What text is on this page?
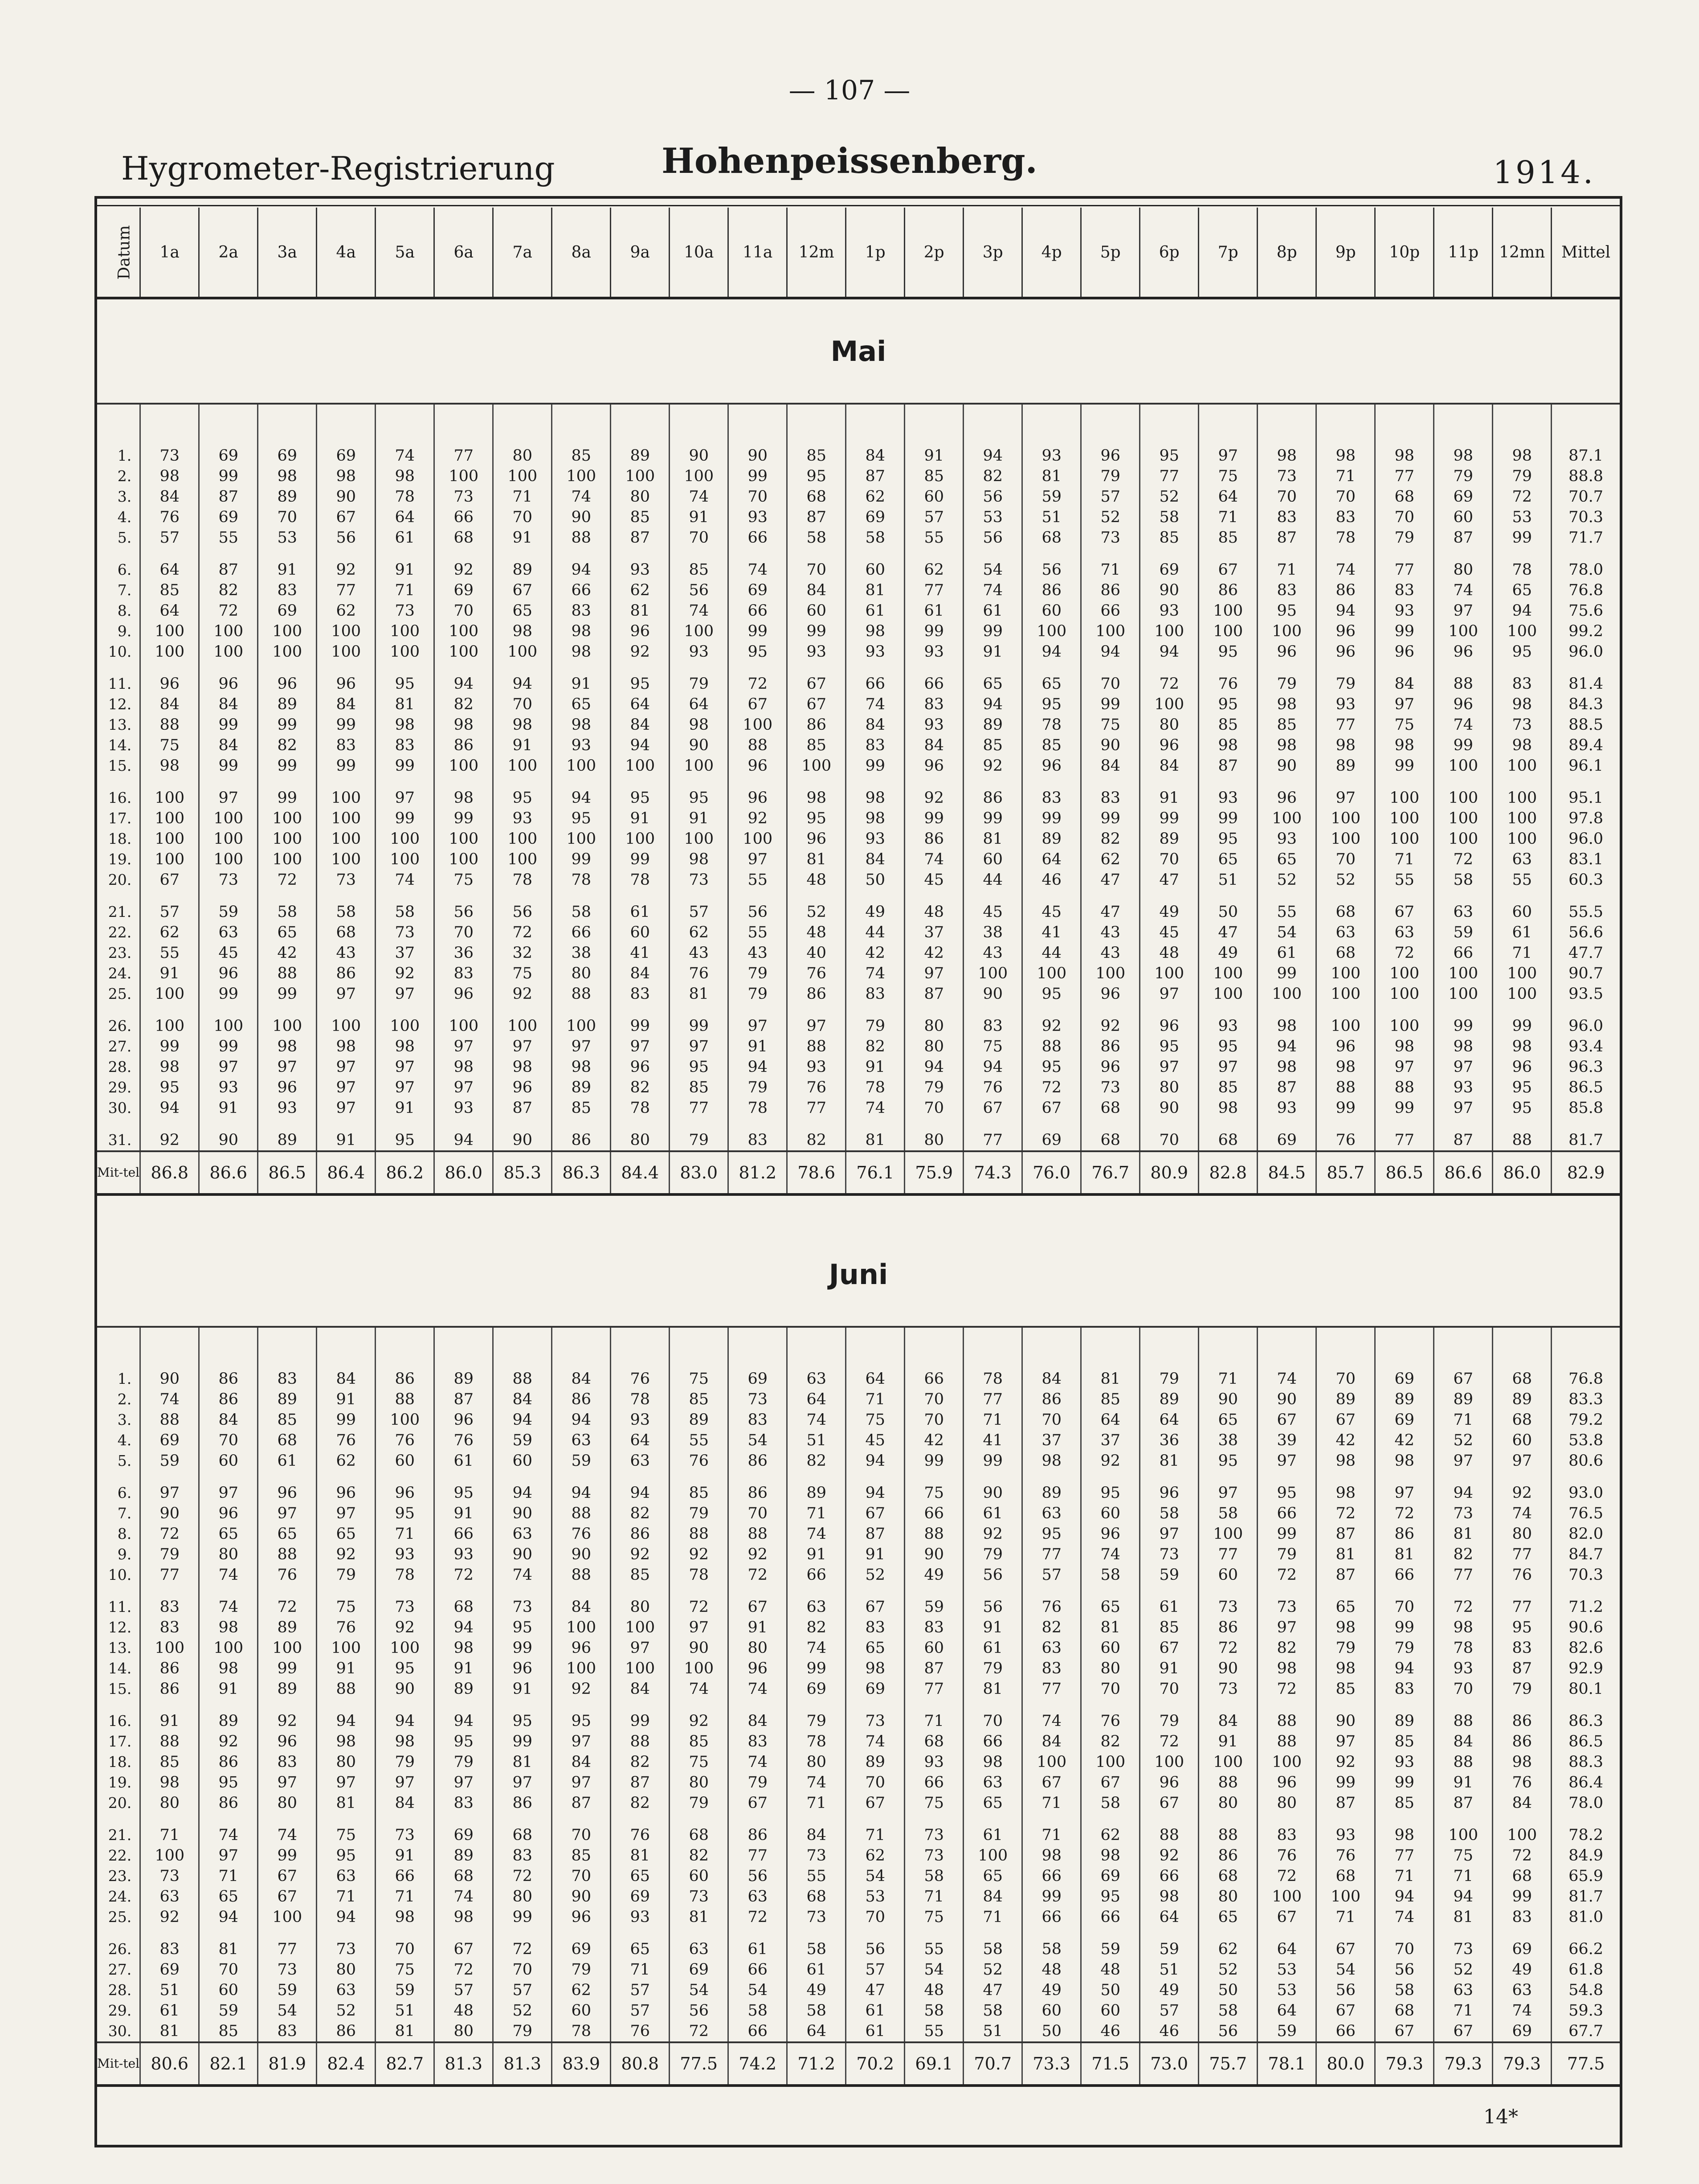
— 107 —
Hygrometer-Registrierung	Hohenpeissenberg.	1914.
Datum	1a	2a	3a	4a	5a	6a	7a	8a	9a	10a	11a	12m	1p	2p	3p	4p	5p	6p	7p	8p	9p	10p	11p	12mn	Mittel
Mai																									

1.	73	69	69	69	74	77	80	85	89	90	90	85	84	91	94	93	96	95	97	98	98	98	98	98	87.1
2.	98	99	98	98	98	100	100	100	100	100	99	95	87	85	82	81	79	77	75	73	71	77	79	79	88.8
3.	84	87	89	90	78	73	71	74	80	74	70	68	62	60	56	59	57	52	64	70	70	68	69	72	70.7
4.	76	69	70	67	64	66	70	90	85	91	93	87	69	57	53	51	52	58	71	83	83	70	60	53	70.3
5.	57	55	53	56	61	68	91	88	87	70	66	58	58	55	56	68	73	85	85	87	78	79	87	99	71.7
6.	64	87	91	92	91	92	89	94	93	85	74	70	60	62	54	56	71	69	67	71	74	77	80	78	78.0
7.	85	82	83	77	71	69	67	66	62	56	69	84	81	77	74	86	86	90	86	83	86	83	74	65	76.8
8.	64	72	69	62	73	70	65	83	81	74	66	60	61	61	61	60	66	93	100	95	94	93	97	94	75.6
9.	100	100	100	100	100	100	98	98	96	100	99	99	98	99	99	100	100	100	100	100	96	99	100	100	99.2
10.	100	100	100	100	100	100	100	98	92	93	95	93	93	93	91	94	94	94	95	96	96	96	96	95	96.0
11.	96	96	96	96	95	94	94	91	95	79	72	67	66	66	65	65	70	72	76	79	79	84	88	83	81.4
12.	84	84	89	84	81	82	70	65	64	64	67	67	74	83	94	95	99	100	95	98	93	97	96	98	84.3
13.	88	99	99	99	98	98	98	98	84	98	100	86	84	93	89	78	75	80	85	85	77	75	74	73	88.5
14.	75	84	82	83	83	86	91	93	94	90	88	85	83	84	85	85	90	96	98	98	98	98	99	98	89.4
15.	98	99	99	99	99	100	100	100	100	100	96	100	99	96	92	96	84	84	87	90	89	99	100	100	96.1
16.	100	97	99	100	97	98	95	94	95	95	96	98	98	92	86	83	83	91	93	96	97	100	100	100	95.1
17.	100	100	100	100	99	99	93	95	91	91	92	95	98	99	99	99	99	99	99	100	100	100	100	100	97.8
18.	100	100	100	100	100	100	100	100	100	100	100	96	93	86	81	89	82	89	95	93	100	100	100	100	96.0
19.	100	100	100	100	100	100	100	99	99	98	97	81	84	74	60	64	62	70	65	65	70	71	72	63	83.1
20.	67	73	72	73	74	75	78	78	78	73	55	48	50	45	44	46	47	47	51	52	52	55	58	55	60.3
21.	57	59	58	58	58	56	56	58	61	57	56	52	49	48	45	45	47	49	50	55	68	67	63	60	55.5
22.	62	63	65	68	73	70	72	66	60	62	55	48	44	37	38	41	43	45	47	54	63	63	59	61	56.6
23.	55	45	42	43	37	36	32	38	41	43	43	40	42	42	43	44	43	48	49	61	68	72	66	71	47.7
24.	91	96	88	86	92	83	75	80	84	76	79	76	74	97	100	100	100	100	100	99	100	100	100	100	90.7
25.	100	99	99	97	97	96	92	88	83	81	79	86	83	87	90	95	96	97	100	100	100	100	100	100	93.5
26.	100	100	100	100	100	100	100	100	99	99	97	97	79	80	83	92	92	96	93	98	100	100	99	99	96.0
27.	99	99	98	98	98	97	97	97	97	97	91	88	82	80	75	88	86	95	95	94	96	98	98	98	93.4
28.	98	97	97	97	97	98	98	98	96	95	94	93	91	94	94	95	96	97	97	98	98	97	97	96	96.3
29.	95	93	96	97	97	97	96	89	82	85	79	76	78	79	76	72	73	80	85	87	88	88	93	95	86.5
30.	94	91	93	97	91	93	87	85	78	77	78	77	74	70	67	67	68	90	98	93	99	99	97	95	85.8
31.	92	90	89	91	95	94	90	86	80	79	83	82	81	80	77	69	68	70	68	69	76	77	87	88	81.7
Mit-tel	86.8	86.6	86.5	86.4	86.2	86.0	85.3	86.3	84.4	83.0	81.2	78.6	76.1	75.9	74.3	76.0	76.7	80.9	82.8	84.5	85.7	86.5	86.6	86.0	82.9

Juni																									

1.	90	86	83	84	86	89	88	84	76	75	69	63	64	66	78	84	81	79	71	74	70	69	67	68	76.8
2.	74	86	89	91	88	87	84	86	78	85	73	64	71	70	77	86	85	89	90	90	89	89	89	89	83.3
3.	88	84	85	99	100	96	94	94	93	89	83	74	75	70	71	70	64	64	65	67	67	69	71	68	79.2
4.	69	70	68	76	76	76	59	63	64	55	54	51	45	42	41	37	37	36	38	39	42	42	52	60	53.8
5.	59	60	61	62	60	61	60	59	63	76	86	82	94	99	99	98	92	81	95	97	98	98	97	97	80.6
6.	97	97	96	96	96	95	94	94	94	85	86	89	94	75	90	89	95	96	97	95	98	97	94	92	93.0
7.	90	96	97	97	95	91	90	88	82	79	70	71	67	66	61	63	60	58	58	66	72	72	73	74	76.5
8.	72	65	65	65	71	66	63	76	86	88	88	74	87	88	92	95	96	97	100	99	87	86	81	80	82.0
9.	79	80	88	92	93	93	90	90	92	92	92	91	91	90	79	77	74	73	77	79	81	81	82	77	84.7
10.	77	74	76	79	78	72	74	88	85	78	72	66	52	49	56	57	58	59	60	72	87	66	77	76	70.3
11.	83	74	72	75	73	68	73	84	80	72	67	63	67	59	56	76	65	61	73	73	65	70	72	77	71.2
12.	83	98	89	76	92	94	95	100	100	97	91	82	83	83	91	82	81	85	86	97	98	99	98	95	90.6
13.	100	100	100	100	100	98	99	96	97	90	80	74	65	60	61	63	60	67	72	82	79	79	78	83	82.6
14.	86	98	99	91	95	91	96	100	100	100	96	99	98	87	79	83	80	91	90	98	98	94	93	87	92.9
15.	86	91	89	88	90	89	91	92	84	74	74	69	69	77	81	77	70	70	73	72	85	83	70	79	80.1
16.	91	89	92	94	94	94	95	95	99	92	84	79	73	71	70	74	76	79	84	88	90	89	88	86	86.3
17.	88	92	96	98	98	95	99	97	88	85	83	78	74	68	66	84	82	72	91	88	97	85	84	86	86.5
18.	85	86	83	80	79	79	81	84	82	75	74	80	89	93	98	100	100	100	100	100	92	93	88	98	88.3
19.	98	95	97	97	97	97	97	97	87	80	79	74	70	66	63	67	67	96	88	96	99	99	91	76	86.4
20.	80	86	80	81	84	83	86	87	82	79	67	71	67	75	65	71	58	67	80	80	87	85	87	84	78.0
21.	71	74	74	75	73	69	68	70	76	68	86	84	71	73	61	71	62	88	88	83	93	98	100	100	78.2
22.	100	97	99	95	91	89	83	85	81	82	77	73	62	73	100	98	98	92	86	76	76	77	75	72	84.9
23.	73	71	67	63	66	68	72	70	65	60	56	55	54	58	65	66	69	66	68	72	68	71	71	68	65.9
24.	63	65	67	71	71	74	80	90	69	73	63	68	53	71	84	99	95	98	80	100	100	94	94	99	81.7
25.	92	94	100	94	98	98	99	96	93	81	72	73	70	75	71	66	66	64	65	67	71	74	81	83	81.0
26.	83	81	77	73	70	67	72	69	65	63	61	58	56	55	58	58	59	59	62	64	67	70	73	69	66.2
27.	69	70	73	80	75	72	70	79	71	69	66	61	57	54	52	48	48	51	52	53	54	56	52	49	61.8
28.	51	60	59	63	59	57	57	62	57	54	54	49	47	48	47	49	50	49	50	53	56	58	63	63	54.8
29.	61	59	54	52	51	48	52	60	57	56	58	58	61	58	58	60	60	57	58	64	67	68	71	74	59.3
30.	81	85	83	86	81	80	79	78	76	72	66	64	61	55	51	50	46	46	56	59	66	67	67	69	67.7
Mit-tel	80.6	82.1	81.9	82.4	82.7	81.3	81.3	83.9	80.8	77.5	74.2	71.2	70.2	69.1	70.7	73.3	71.5	73.0	75.7	78.1	80.0	79.3	79.3	79.3	77.5
14*
